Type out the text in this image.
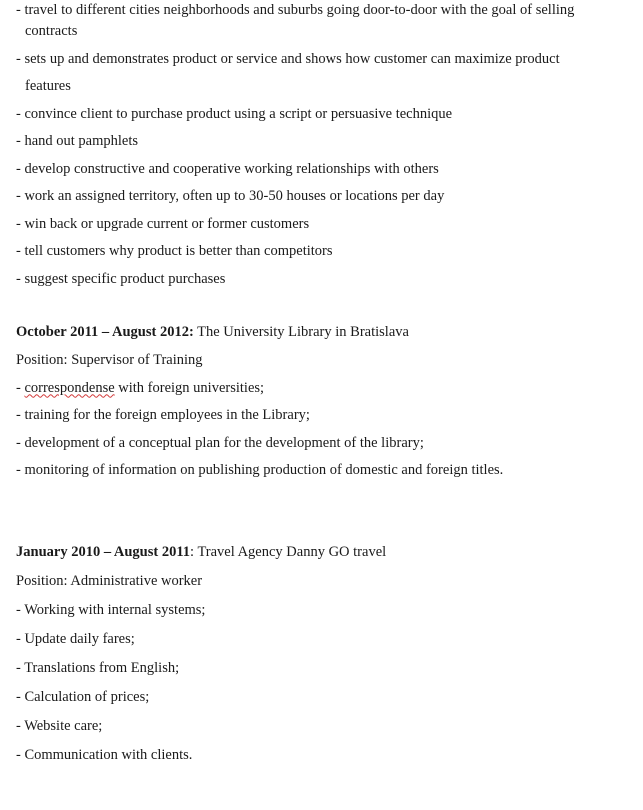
- travel to different cities neighborhoods and suburbs going door-to-door with the goal of selling
contracts
- sets up and demonstrates product or service and shows how customer can maximize product
features
- convince client to purchase product using a script or persuasive technique
- hand out pamphlets
- develop constructive and cooperative working relationships with others
- work an assigned territory, often up to 30-50 houses or locations per day
- win back or upgrade current or former customers
- tell customers why product is better than competitors
- suggest specific product purchases
October 2011 – August 2012: The University Library in Bratislava
Position: Supervisor of Training
- correspondense with foreign universities;
- training for the foreign employees in the Library;
- development of a conceptual plan for the development of the library;
- monitoring of information on publishing production of domestic and foreign titles.
January 2010 – August 2011: Travel Agency Danny GO travel
Position: Administrative worker
- Working with internal systems;
- Update daily fares;
- Translations from English;
- Calculation of prices;
- Website care;
- Communication with clients.
